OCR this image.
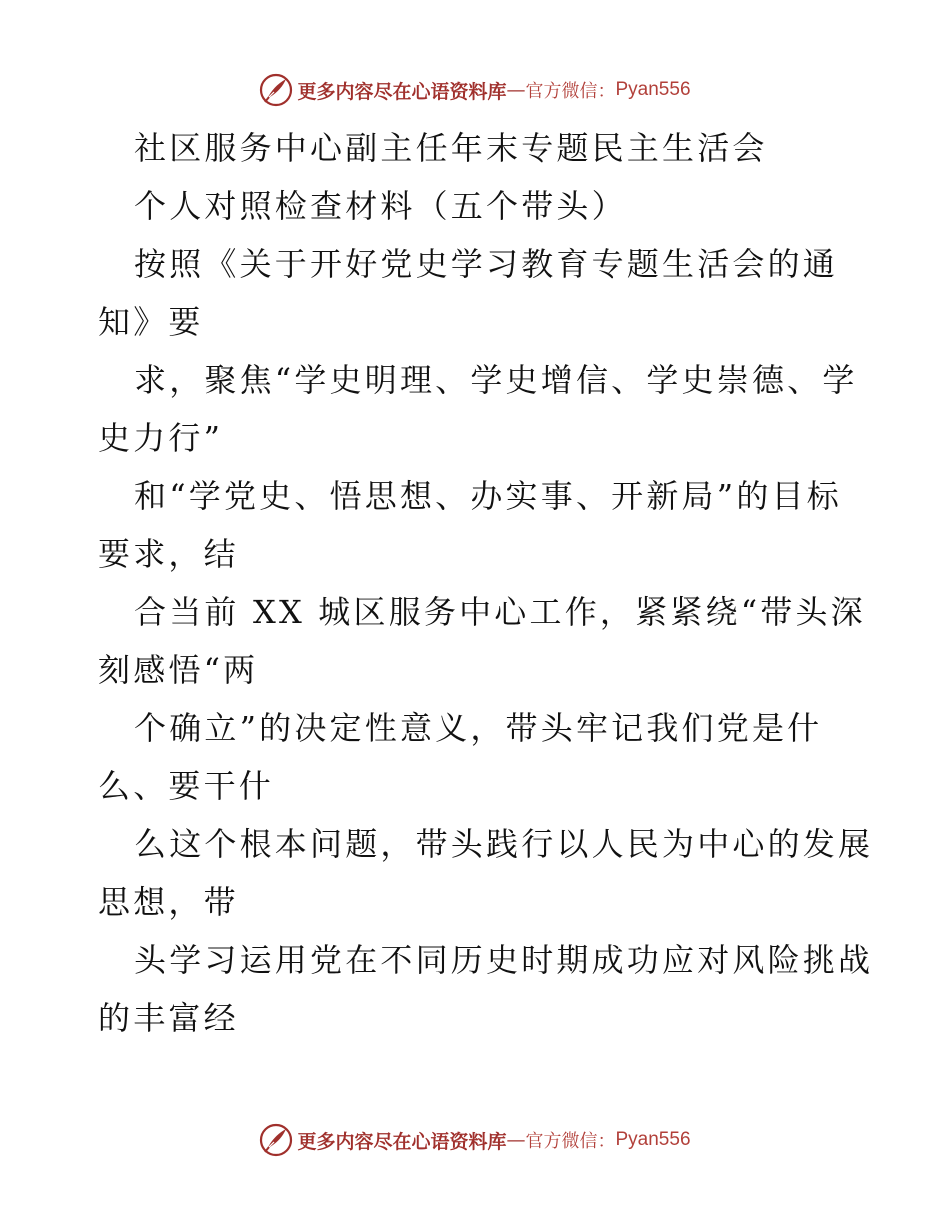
更多内容尽在心语资料库 — 官方微信： Pyan556
社区服务中心副主任年末专题民主生活会
个人对照检查材料（五个带头）
按照《关于开好党史学习教育专题生活会的通
知》要
求，聚焦“学史明理、学史增信、学史崇德、学
史力行”
和“学党史、悟思想、办实事、开新局”的目标
要求，结
合当前 XX 城区服务中心工作，紧紧绕“带头深
刻感悟“两
个确立”的决定性意义，带头牢记我们党是什
么、要干什
么这个根本问题，带头践行以人民为中心的发展
思想，带
头学习运用党在不同历史时期成功应对风险挑战
的丰富经
更多内容尽在心语资料库 — 官方微信： Pyan556
